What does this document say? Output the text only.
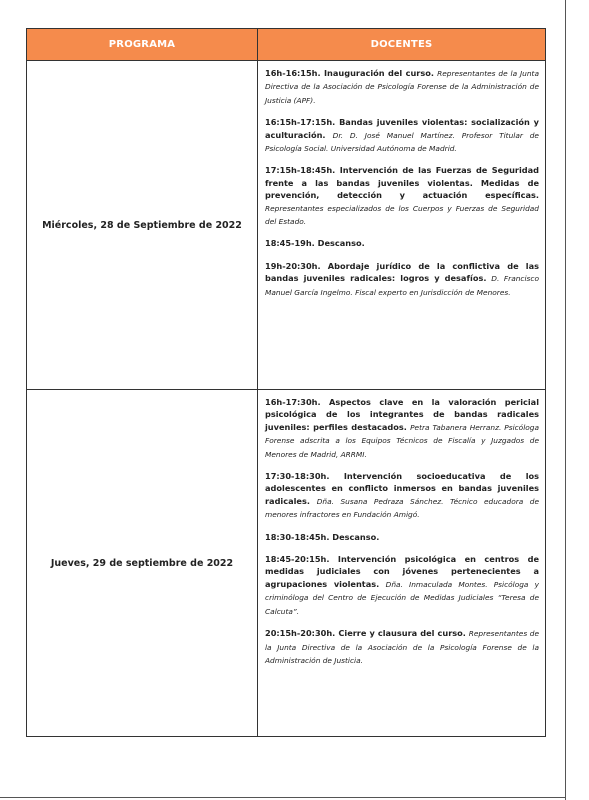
PROGRAMA	DOCENTES
Miércoles, 28 de Septiembre de 2022	16h-16:15h. Inauguración del curso. Representantes de la Junta Directiva de la Asociación de Psicología Forense de la Administración de Justicia (APF).
16:15h-17:15h. Bandas juveniles violentas: socialización y aculturación. Dr. D. José Manuel Martínez. Profesor Titular de Psicología Social. Universidad Autónoma de Madrid.
17:15h-18:45h. Intervención de las Fuerzas de Seguridad frente a las bandas juveniles violentas. Medidas de prevención, detección y actuación específicas. Representantes especializados de los Cuerpos y Fuerzas de Seguridad del Estado.
18:45-19h. Descanso.
19h-20:30h. Abordaje jurídico de la conflictiva de las bandas juveniles radicales: logros y desafíos. D. Francisco Manuel García Ingelmo. Fiscal experto en Jurisdicción de Menores.

Jueves, 29 de septiembre de 2022	16h-17:30h. Aspectos clave en la valoración pericial psicológica de los integrantes de bandas radicales juveniles: perfiles destacados. Petra Tabanera Herranz. Psicóloga Forense adscrita a los Equipos Técnicos de Fiscalía y Juzgados de Menores de Madrid, ARRMI.
17:30-18:30h. Intervención socioeducativa de los adolescentes en conflicto inmersos en bandas juveniles radicales. Dña. Susana Pedraza Sánchez. Técnico educadora de menores infractores en Fundación Amigó.
18:30-18:45h. Descanso.
18:45-20:15h. Intervención psicológica en centros de medidas judiciales con jóvenes pertenecientes a agrupaciones violentas. Dña. Inmaculada Montes. Psicóloga y criminóloga del Centro de Ejecución de Medidas Judiciales “Teresa de Calcuta”.
20:15h-20:30h. Cierre y clausura del curso. Representantes de la Junta Directiva de la Asociación de la Psicología Forense de la Administración de Justicia.
